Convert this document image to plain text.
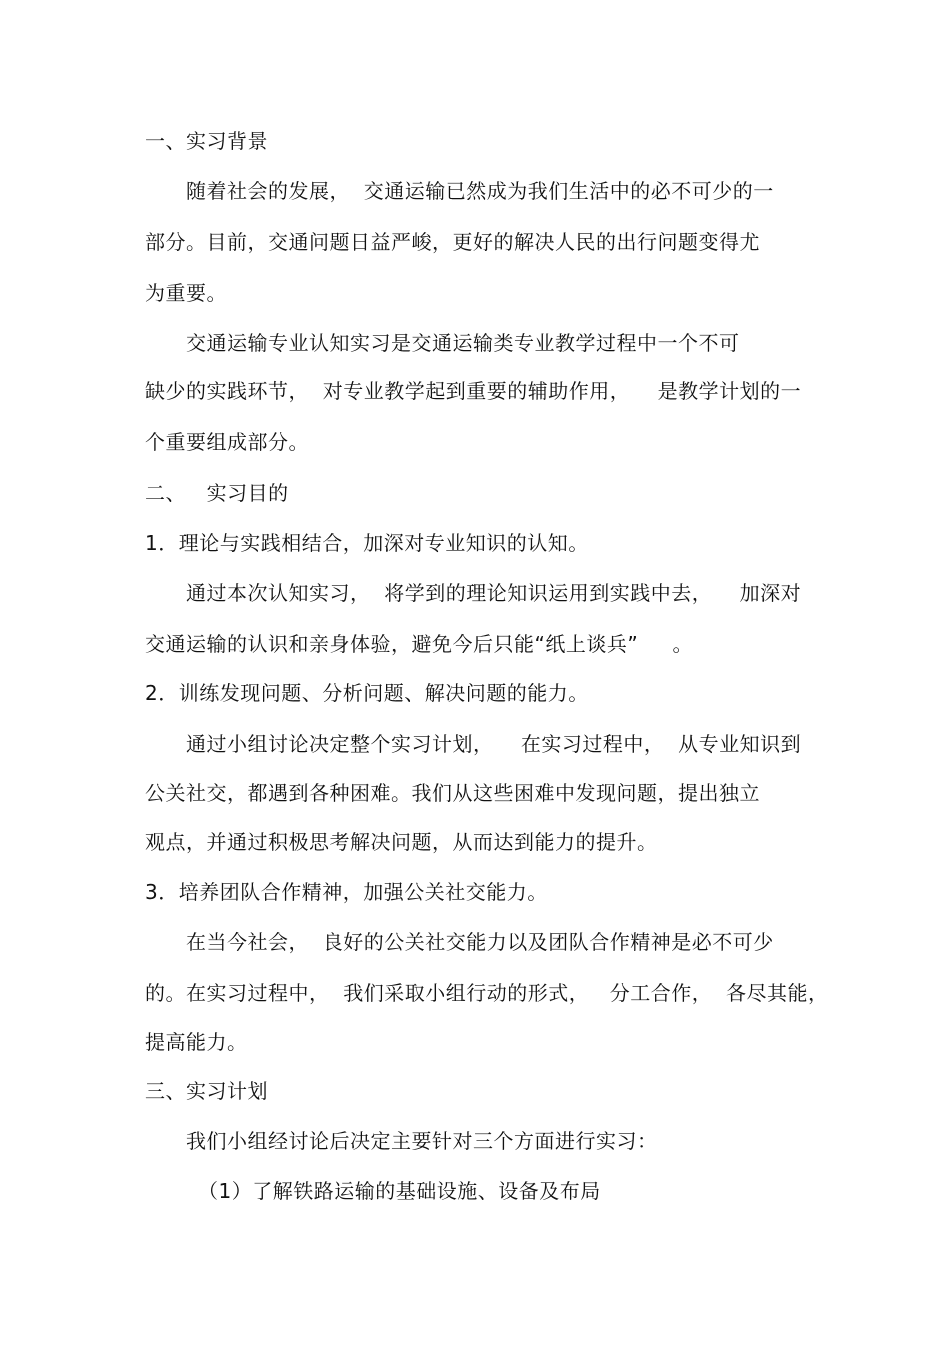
一、实习背景
随着社会的发展，  交通运输已然成为我们生活中的必不可少的一
部分。目前，交通问题日益严峻，更好的解决人民的出行问题变得尤
为重要。
交通运输专业认知实习是交通运输类专业教学过程中一个不可
缺少的实践环节，  对专业教学起到重要的辅助作用，    是教学计划的一
个重要组成部分。
二、   实习目的
1．理论与实践相结合，加深对专业知识的认知。
通过本次认知实习，  将学到的理论知识运用到实践中去，    加深对
交通运输的认识和亲身体验，避免今后只能“纸上谈兵”     。
2．训练发现问题、分析问题、解决问题的能力。
通过小组讨论决定整个实习计划，    在实习过程中，  从专业知识到
公关社交，都遇到各种困难。我们从这些困难中发现问题，提出独立
观点，并通过积极思考解决问题，从而达到能力的提升。
3．培养团队合作精神，加强公关社交能力。
在当今社会，  良好的公关社交能力以及团队合作精神是必不可少
的。在实习过程中，  我们采取小组行动的形式，   分工合作，  各尽其能，
提高能力。
三、实习计划
我们小组经讨论后决定主要针对三个方面进行实习：
（1）了解铁路运输的基础设施、设备及布局
